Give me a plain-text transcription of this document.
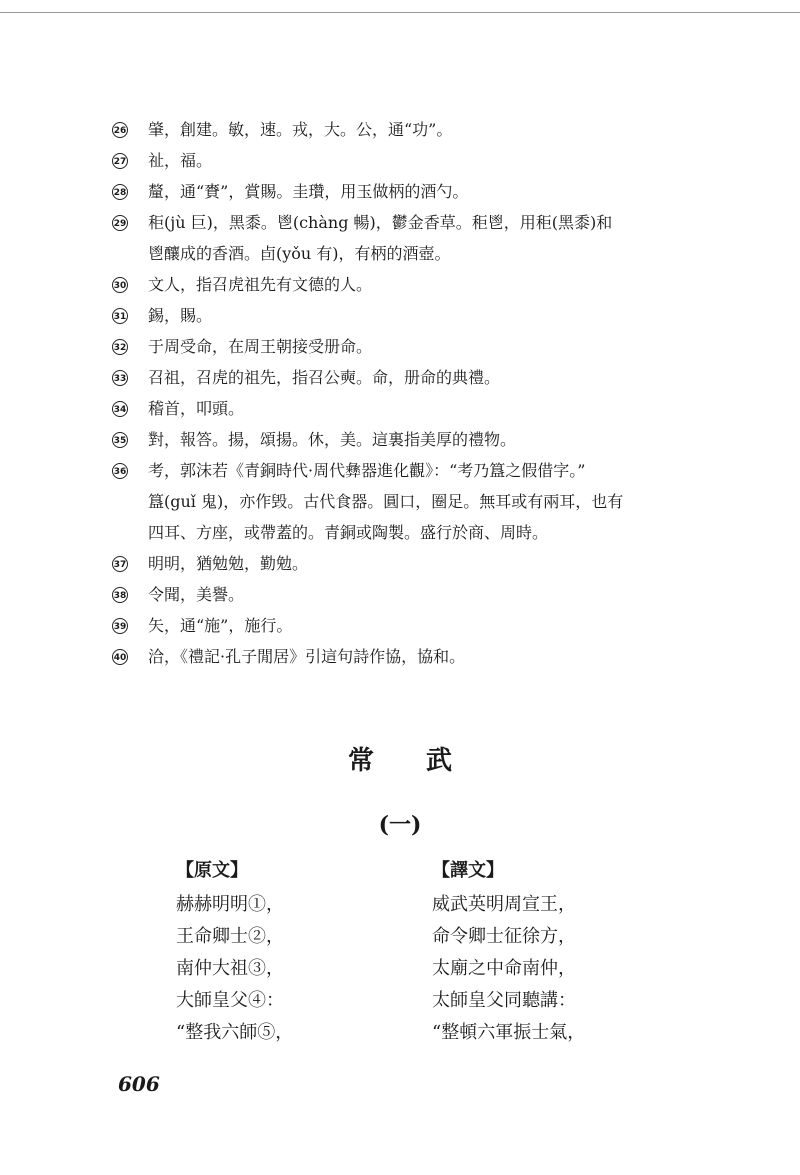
26 肇，創建。敏，速。戎，大。公，通“功”。
27 祉，福。
28 釐，通“賚”，賞賜。圭瓚，用玉做柄的酒勺。
29 秬(jù 巨)，黑黍。鬯(chàng 暢)，鬱金香草。秬鬯，用秬(黑黍)和
鬯釀成的香酒。卣(yǒu 有)，有柄的酒壺。
30 文人，指召虎祖先有文德的人。
31 錫，賜。
32 于周受命，在周王朝接受册命。
33 召祖，召虎的祖先，指召公奭。命，册命的典禮。
34 稽首，叩頭。
35 對，報答。揚，頌揚。休，美。這裏指美厚的禮物。
36 考，郭沫若《青銅時代·周代彝器進化觀》：“考乃簋之假借字。”
簋(guǐ 鬼)，亦作毁。古代食器。圓口，圈足。無耳或有兩耳，也有
四耳、方座，或帶蓋的。青銅或陶製。盛行於商、周時。
37 明明，猶勉勉，勤勉。
38 令聞，美譽。
39 矢，通“施”，施行。
40 洽，《禮記·孔子閒居》引這句詩作協，協和。
常武
(一)
【原文】
赫赫明明①，
王命卿士②，
南仲大祖③，
大師皇父④：
“整我六師⑤，
【譯文】
威武英明周宣王，
命令卿士征徐方，
太廟之中命南仲，
太師皇父同聽講：
“整頓六軍振士氣，
606
